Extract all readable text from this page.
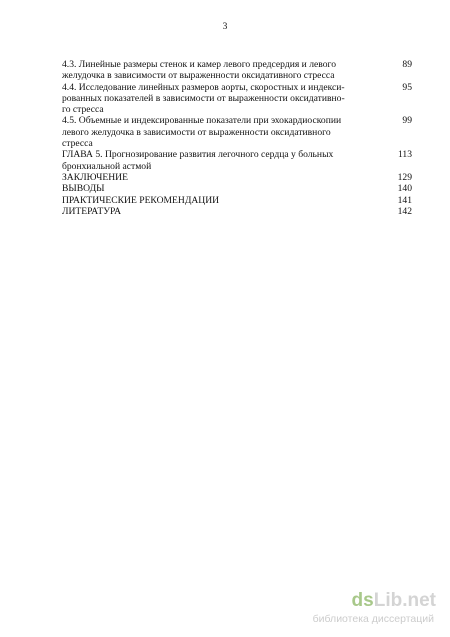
3
4.3. Линейные размеры стенок и камер левого предсердия и левого
желудочка в зависимости от выраженности оксидативного стресса
89
4.4. Исследование линейных размеров аорты, скоростных и индекси-
рованных показателей в зависимости от выраженности оксидативно-
го стресса
95
4.5. Объемные и индексированные показатели при эхокардиоскопии
левого желудочка в зависимости от выраженности оксидативного
стресса
99
ГЛАВА 5. Прогнозирование развития легочного сердца у больных
бронхиальной астмой
113
ЗАКЛЮЧЕНИЕ	129
ВЫВОДЫ	140
ПРАКТИЧЕСКИЕ РЕКОМЕНДАЦИИ	141
ЛИТЕРАТУРА	142
dsLib.net
библиотека диссертаций
